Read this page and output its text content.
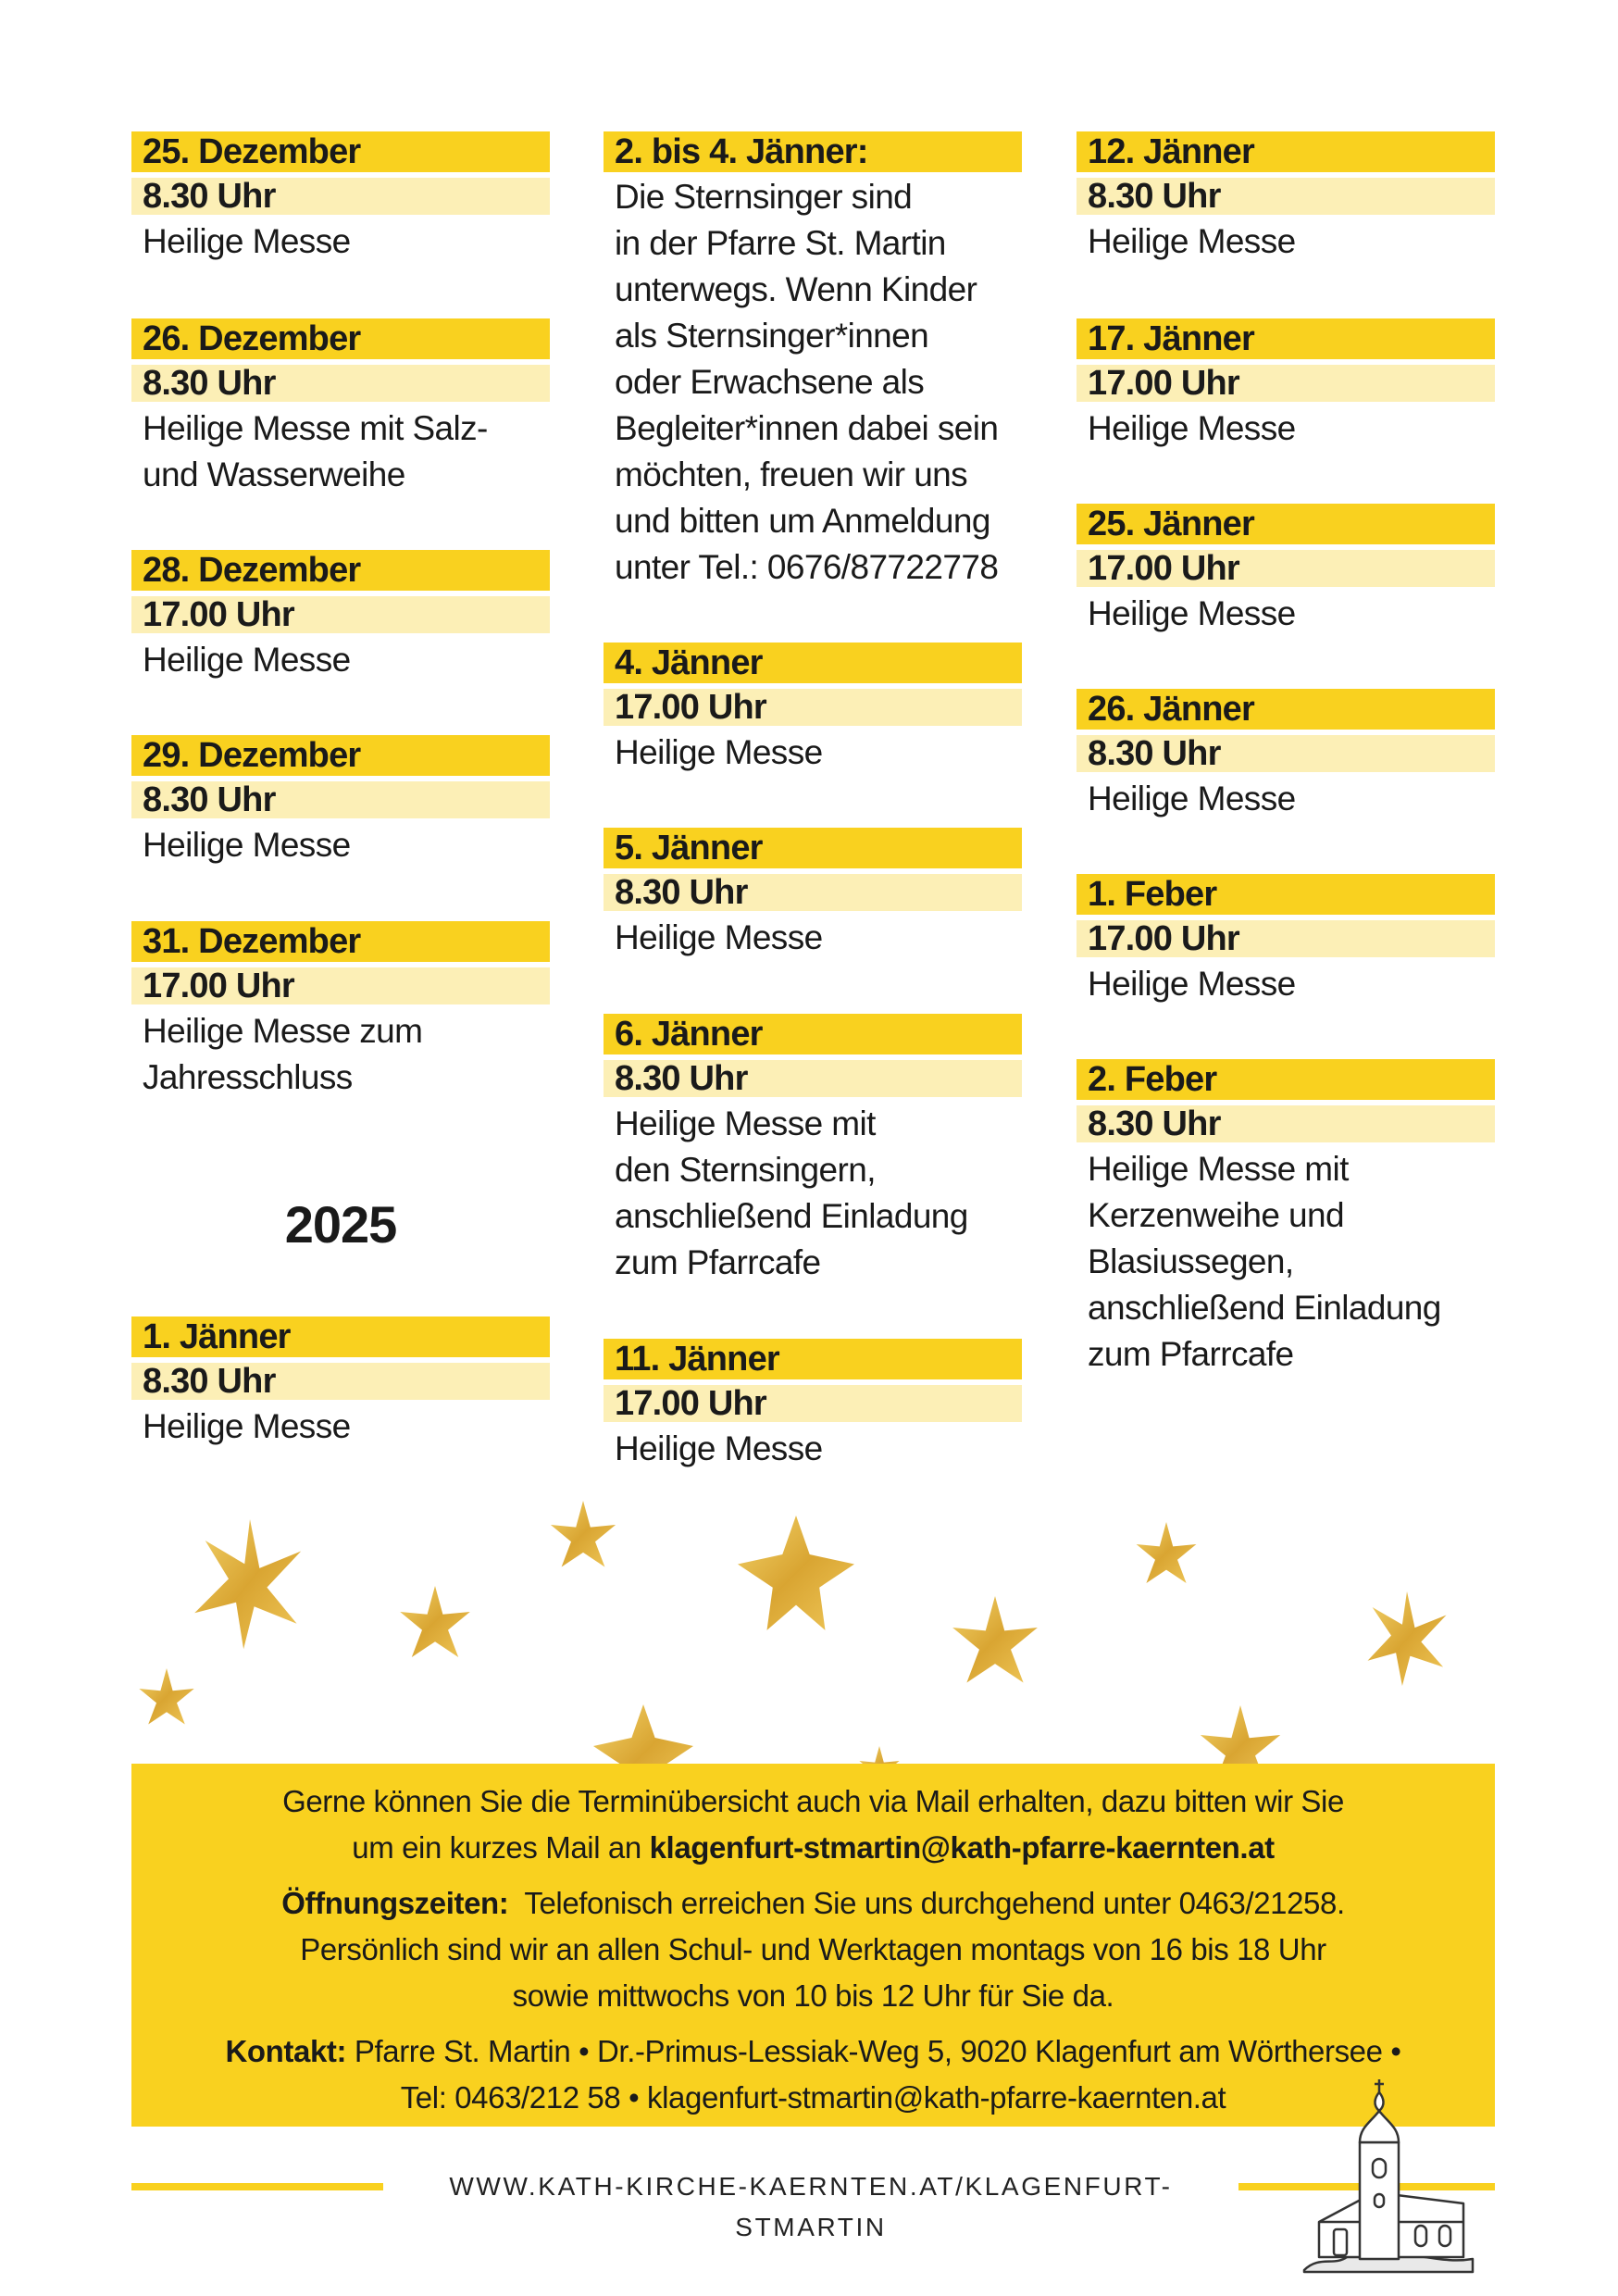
25. Dezember
8.30 Uhr
Heilige Messe
26. Dezember
8.30 Uhr
Heilige Messe mit Salz-
und Wasserweihe
28. Dezember
17.00 Uhr
Heilige Messe
29. Dezember
8.30 Uhr
Heilige Messe
31. Dezember
17.00 Uhr
Heilige Messe zum
Jahresschluss
1. Jänner
8.30 Uhr
Heilige Messe
2025
2. bis 4. Jänner:
Die Sternsinger sind
in der Pfarre St. Martin
unterwegs. Wenn Kinder
als Sternsinger*innen
oder Erwachsene als
Begleiter*innen dabei sein
möchten, freuen wir uns
und bitten um Anmeldung
unter Tel.: 0676/87722778
4. Jänner
17.00 Uhr
Heilige Messe
5. Jänner
8.30 Uhr
Heilige Messe
6. Jänner
8.30 Uhr
Heilige Messe mit
den Sternsingern,
anschließend Einladung
zum Pfarrcafe
11. Jänner
17.00 Uhr
Heilige Messe
12. Jänner
8.30 Uhr
Heilige Messe
17. Jänner
17.00 Uhr
Heilige Messe
25. Jänner
17.00 Uhr
Heilige Messe
26. Jänner
8.30 Uhr
Heilige Messe
1. Feber
17.00 Uhr
Heilige Messe
2. Feber
8.30 Uhr
Heilige Messe mit
Kerzenweihe und
Blasiussegen,
anschließend Einladung
zum Pfarrcafe

Gerne können Sie die Terminübersicht auch via Mail erhalten, dazu bitten wir Sie

um ein kurzes Mail an klagenfurt-stmartin@kath-pfarre-kaernten.at

Öffnungszeiten:  Telefonisch erreichen Sie uns durchgehend unter 0463/21258.

Persönlich sind wir an allen Schul- und Werktagen montags von 16 bis 18 Uhr

sowie mittwochs von 10 bis 12 Uhr für Sie da.

Kontakt: Pfarre St. Martin • Dr.-Primus-Lessiak-Weg 5, 9020 Klagenfurt am Wörthersee •

Tel: 0463/212 58 • klagenfurt-stmartin@kath-pfarre-kaernten.at

WWW.KATH-KIRCHE-KAERNTEN.AT/KLAGENFURT-STMARTIN
